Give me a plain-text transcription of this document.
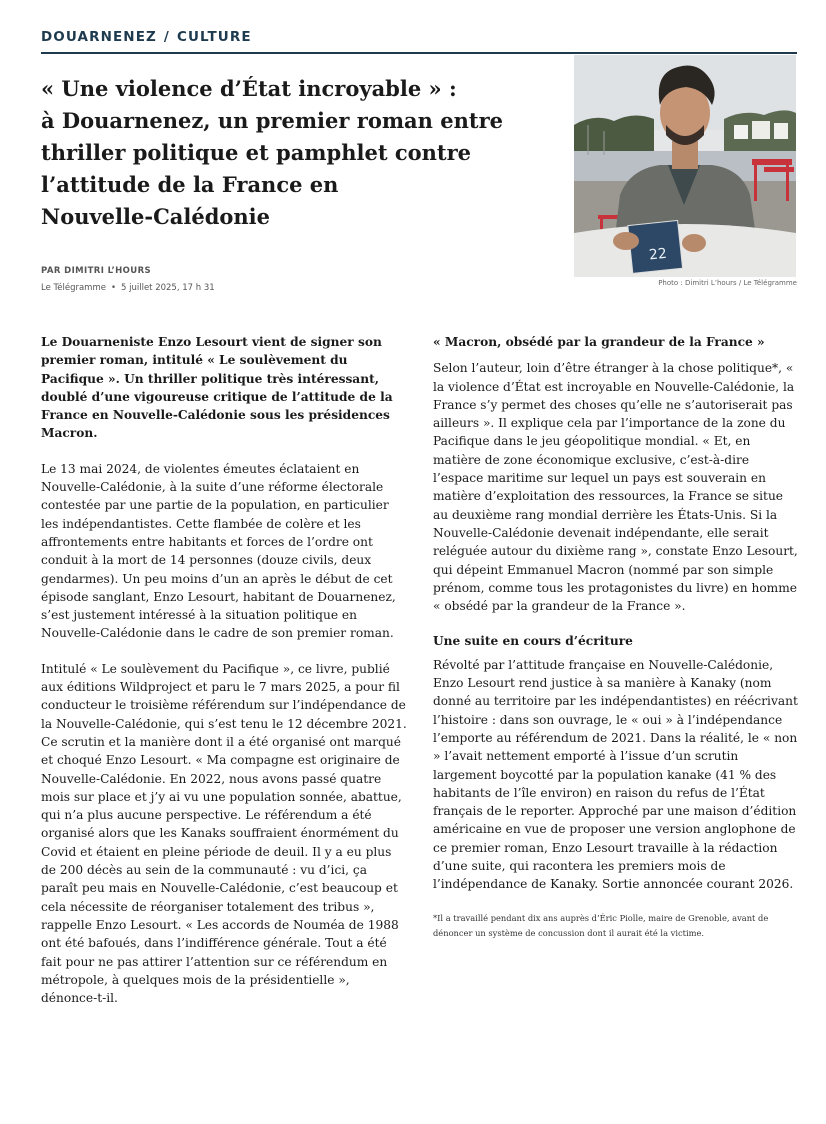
DOUARNENEZ / CULTURE
« Une violence d’État incroyable » :
à Douarnenez, un premier roman entre
thriller politique et pamphlet contre
l’attitude de la France en
Nouvelle-Calédonie
PAR DIMITRI L’HOURS
Le Télégramme • 5 juillet 2025, 17 h 31
22
Photo : Dimitri L’hours / Le Télégramme

Le Douarneniste Enzo Lesourt vient de signer son premier roman, intitulé « Le soulèvement du Pacifique ». Un thriller politique très intéressant, doublé d’une vigoureuse critique de l’attitude de la France en Nouvelle-Calédonie sous les présidences Macron.

Le 13 mai 2024, de violentes émeutes éclataient en Nouvelle-Calédonie, à la suite d’une réforme électorale contestée par une partie de la population, en particulier les indépendantistes. Cette flambée de colère et les affrontements entre habitants et forces de l’ordre ont conduit à la mort de 14 personnes (douze civils, deux gendarmes). Un peu moins d’un an après le début de cet épisode sanglant, Enzo Lesourt, habitant de Douarnenez, s’est justement intéressé à la situation politique en Nouvelle-Calédonie dans le cadre de son premier roman.

Intitulé « Le soulèvement du Pacifique », ce livre, publié aux éditions Wildproject et paru le 7 mars 2025, a pour fil conducteur le troisième référendum sur l’indépendance de la Nouvelle-Calédonie, qui s’est tenu le 12 décembre 2021. Ce scrutin et la manière dont il a été organisé ont marqué et choqué Enzo Lesourt. « Ma compagne est originaire de Nouvelle-Calédonie. En 2022, nous avons passé quatre mois sur place et j’y ai vu une population sonnée, abattue, qui n’a plus aucune perspective. Le référendum a été organisé alors que les Kanaks souffraient énormément du Covid et étaient en pleine période de deuil. Il y a eu plus de 200 décès au sein de la communauté : vu d’ici, ça paraît peu mais en Nouvelle-Calédonie, c’est beaucoup et cela nécessite de réorganiser totalement des tribus », rappelle Enzo Lesourt. « Les accords de Nouméa de 1988 ont été bafoués, dans l’indifférence générale. Tout a été fait pour ne pas attirer l’attention sur ce référendum en métropole, à quelques mois de la présidentielle », dénonce-t-il.

« Macron, obsédé par la grandeur de la France »

Selon l’auteur, loin d’être étranger à la chose politique*, « la violence d’État est incroyable en Nouvelle-Calédonie, la France s’y permet des choses qu’elle ne s’autoriserait pas ailleurs ». Il explique cela par l’importance de la zone du Pacifique dans le jeu géopolitique mondial. « Et, en matière de zone économique exclusive, c’est-à-dire l’espace maritime sur lequel un pays est souverain en matière d’exploitation des ressources, la France se situe au deuxième rang mondial derrière les États-Unis. Si la Nouvelle-Calédonie devenait indépendante, elle serait reléguée autour du dixième rang », constate Enzo Lesourt, qui dépeint Emmanuel Macron (nommé par son simple prénom, comme tous les protagonistes du livre) en homme « obsédé par la grandeur de la France ».

Une suite en cours d’écriture

Révolté par l’attitude française en Nouvelle-Calédonie, Enzo Lesourt rend justice à sa manière à Kanaky (nom donné au territoire par les indépendantistes) en réécrivant l’histoire : dans son ouvrage, le « oui » à l’indépendance l’emporte au référendum de 2021. Dans la réalité, le « non » l’avait nettement emporté à l’issue d’un scrutin largement boycotté par la population kanake (41 % des habitants de l’île environ) en raison du refus de l’État français de le reporter. Approché par une maison d’édition américaine en vue de proposer une version anglophone de ce premier roman, Enzo Lesourt travaille à la rédaction d’une suite, qui racontera les premiers mois de l’indépendance de Kanaky. Sortie annoncée courant 2026.

*Il a travaillé pendant dix ans auprès d’Éric Piolle, maire de Grenoble, avant de dénoncer un système de concussion dont il aurait été la victime.
